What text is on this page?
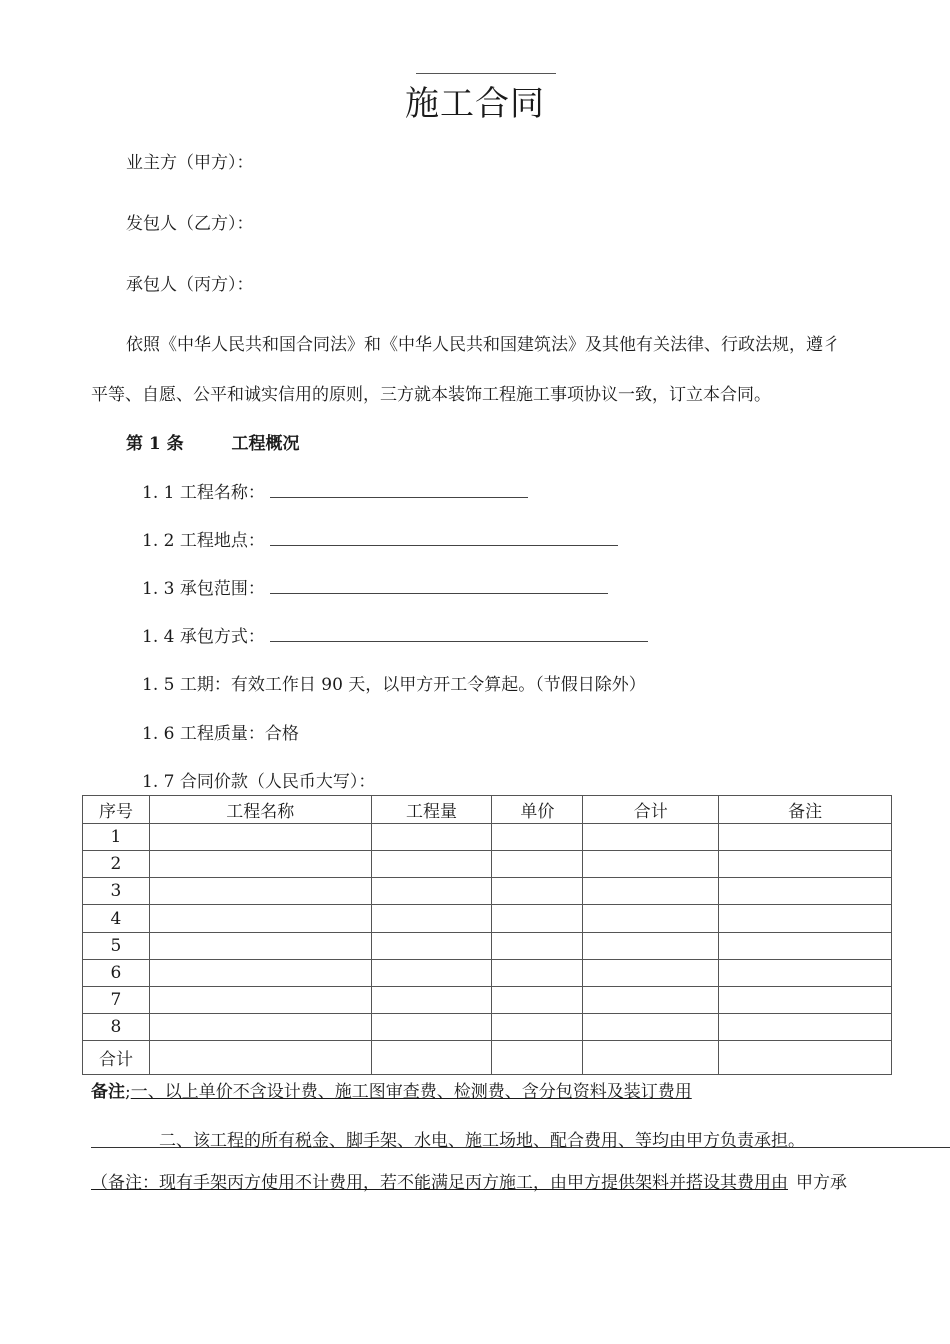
施工合同
业主方（甲方）：
发包人（乙方）：
承包人（丙方）：
依照《中华人民共和国合同法》和《中华人民共和国建筑法》及其他有关法律、行政法规，遵彳
平等、自愿、公平和诚实信用的原则，三方就本装饰工程施工事项协议一致，订立本合同。
第 1 条	工程概况
1. 1 工程名称：
1. 2 工程地点：
1. 3 承包范围：
1. 4 承包方式：
1. 5 工期：有效工作日 90 天，以甲方开工令算起。（节假日除外）
1. 6 工程质量：合格
1. 7 合同价款（人民币大写）：
序号	工程名称	工程量	单价	合计	备注
1					
2					
3					
4					
5					
6					
7					
8					
合计					
备注;一、以上单价不含设计费、施工图审查费、检测费、含分包资料及装订费用
二、该工程的所有税金、脚手架、水电、施工场地、配合费用、等均由甲方负责承担。
（备注：现有手架丙方使用不计费用，若不能满足丙方施工，由甲方提供架料并搭设其费用由 甲方承
